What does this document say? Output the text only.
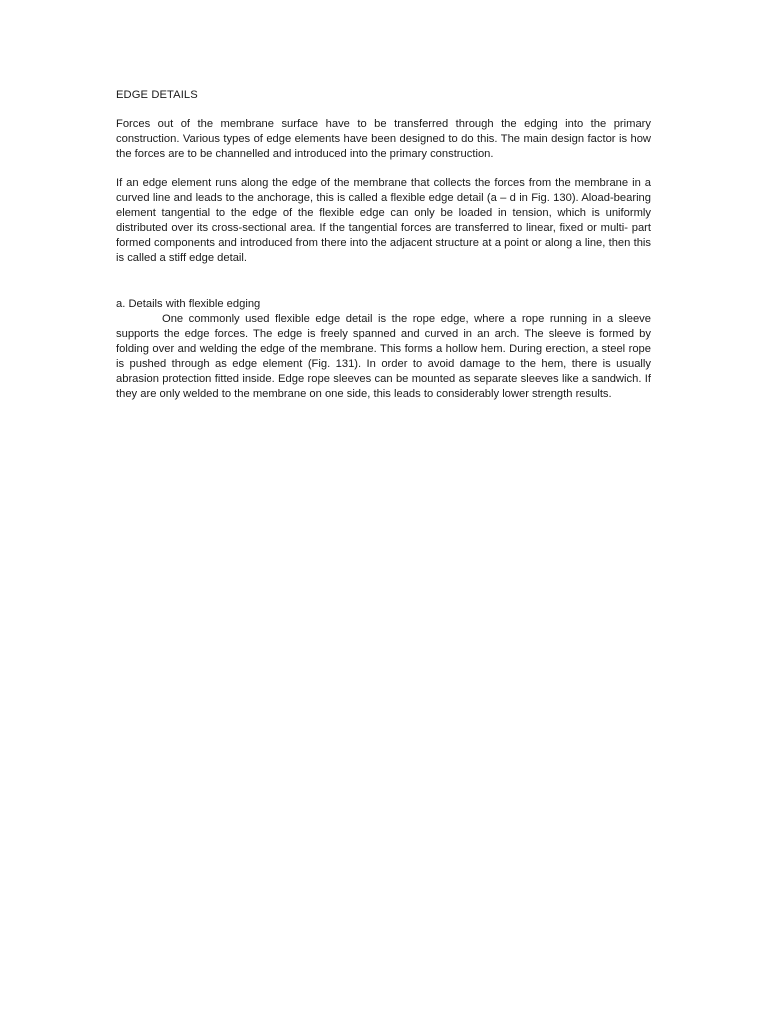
EDGE DETAILS

Forces out of the membrane surface have to be transferred through the edging into the primary construction. Various types of edge elements have been designed to do this. The main design factor is how the forces are to be channelled and introduced into the primary construction.

If an edge element runs along the edge of the membrane that collects the forces from the membrane in a curved line and leads to the anchorage, this is called a flexible edge detail (a – d in Fig. 130). Aload-bearing element tangential to the edge of the flexible edge can only be loaded in tension, which is uniformly distributed over its cross-sectional area. If the tangential forces are transferred to linear, fixed or multi- part formed components and introduced from there into the adjacent structure at a point or along a line, then this is called a stiff edge detail.

a. Details with flexible edging

One commonly used flexible edge detail is the rope edge, where a rope running in a sleeve supports the edge forces. The edge is freely spanned and curved in an arch. The sleeve is formed by folding over and welding the edge of the membrane. This forms a hollow hem. During erection, a steel rope is pushed through as edge element (Fig. 131). In order to avoid damage to the hem, there is usually abrasion protection fitted inside. Edge rope sleeves can be mounted as separate sleeves like a sandwich. If they are only welded to the membrane on one side, this leads to considerably lower strength results.
